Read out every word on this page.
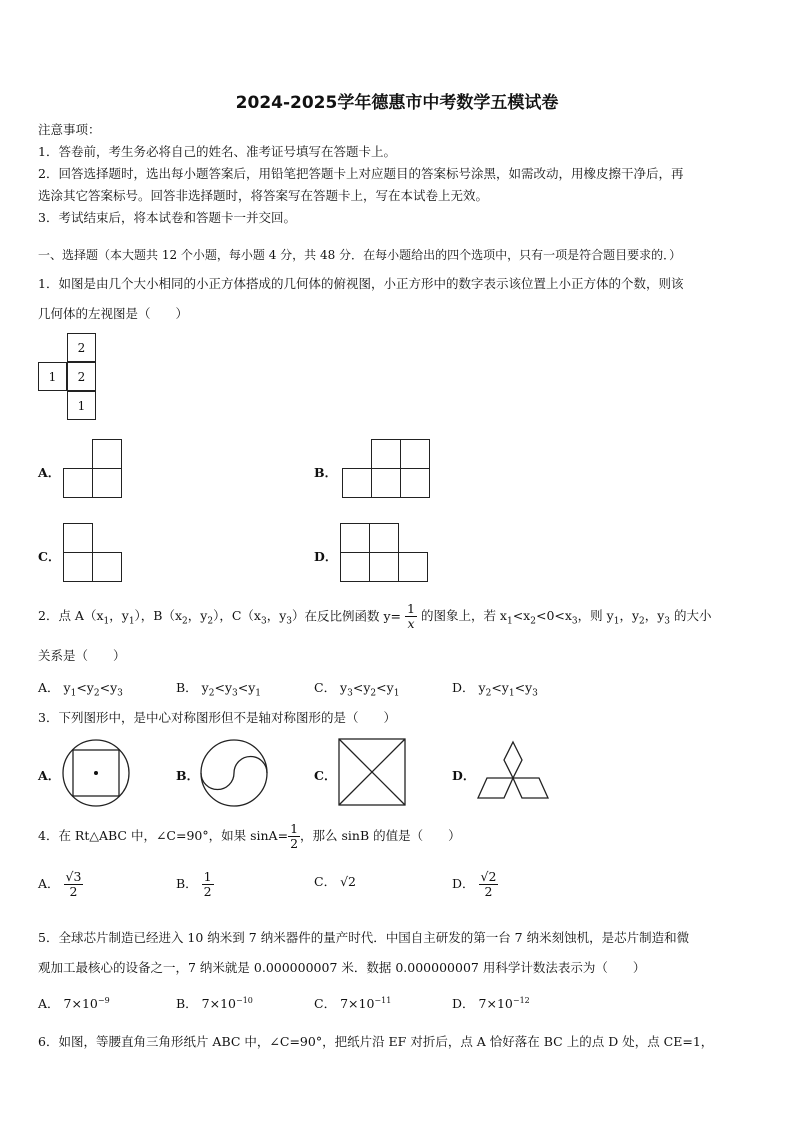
2024-2025学年德惠市中考数学五模试卷
注意事项：
1．答卷前，考生务必将自己的姓名、准考证号填写在答题卡上。
2．回答选择题时，选出每小题答案后，用铅笔把答题卡上对应题目的答案标号涂黑，如需改动，用橡皮擦干净后，再
选涂其它答案标号。回答非选择题时，将答案写在答题卡上，写在本试卷上无效。
3．考试结束后，将本试卷和答题卡一并交回。
一、选择题（本大题共 12 个小题，每小题 4 分，共 48 分．在每小题给出的四个选项中，只有一项是符合题目要求的．）
1．如图是由几个大小相同的小正方体搭成的几何体的俯视图，小正方形中的数字表示该位置上小正方体的个数，则该
几何体的左视图是（　　）
2
1	2
1
A．	B．
C．	D．
2．点 $A(x_1$，$y_1$），$B(x_2$，$y_2$），$C(x_3$，$y_3$）在反比例函数 $y= \frac{1}{x}$ 的图象上，若 $x_1<x_2<0<x_3$，则 $y_1$，$y_2$，$y_3$ 的大小
关系是（　　）
A． $y_1<y_2<y_3$	B． $y_2<y_3<y_1$	C． $y_3<y_2<y_1$	D． $y_2<y_1<y_3$
3．下列图形中，是中心对称图形但不是轴对称图形的是（　　）
A．	B．	C．	D．
4．在 Rt△ABC 中，∠C=90°，如果 $\sin A= \frac{1}{2}$ ，那么 sinB 的值是（　　）
A． $\frac{√3}{2}$	B． $\frac{1}{2}$	C． √2	D． $\frac{√2}{2}$
5．全球芯片制造已经进入 10 纳米到 7 纳米器件的量产时代．中国自主研发的第一台 7 纳米刻蚀机，是芯片制造和微
观加工最核心的设备之一，7 纳米就是 0.000000007 米．数据 0.000000007 用科学计数法表示为（　　）
A． $7\times 10^{-9}$	B． $7\times 10^{-10}$	C． $7\times 10^{-11}$	D． $7\times 10^{-12}$
6．如图，等腰直角三角形纸片 ABC 中，∠C=90°，把纸片沿 EF 对折后，点 A 恰好落在 BC 上的点 D 处，点 CE=1，
